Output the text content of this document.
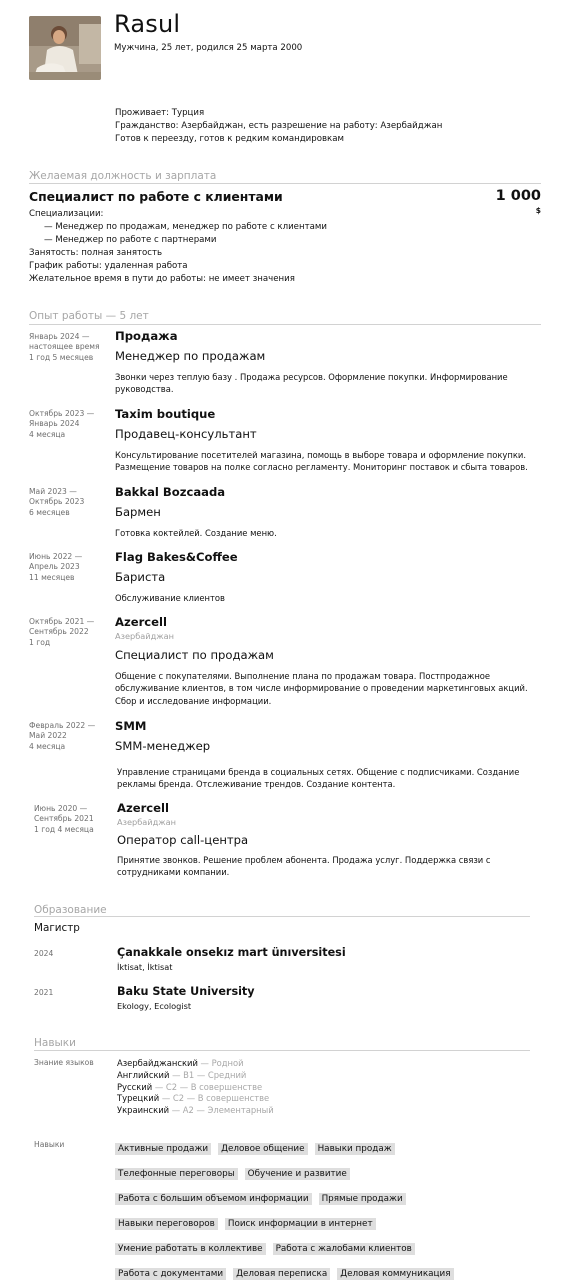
Rasul
Мужчина, 25 лет, родился 25 марта 2000
Проживает: Турция
Гражданство: Азербайджан, есть разрешение на работу: Азербайджан
Готов к переезду, готов к редким командировкам
Желаемая должность и зарплата
Специалист по работе с клиентами	1 000
$
Специализации:
— Менеджер по продажам, менеджер по работе с клиентами
— Менеджер по работе с партнерами
Занятость: полная занятость
График работы: удаленная работа
Желательное время в пути до работы: не имеет значения
Опыт работы — 5 лет
Январь 2024 —
настоящее время
1 год 5 месяцев
Продажа
Менеджер по продажам
Звонки через теплую базу . Продажа ресурсов. Оформление покупки. Информирование руководства.
Октябрь 2023 —
Январь 2024
4 месяца
Taxim boutique
Продавец-консультант
Консультирование посетителей магазина, помощь в выборе товара и оформление покупки. Размещение товаров на полке согласно регламенту. Мониторинг поставок и сбыта товаров.
Май 2023 —
Октябрь 2023
6 месяцев
Bakkal Bozcaada
Бармен
Готовка коктейлей. Создание меню.
Июнь 2022 —
Апрель 2023
11 месяцев
Flag Bakes&Coffee
Бариста
Обслуживание клиентов
Октябрь 2021 —
Сентябрь 2022
1 год
Azercell
Азербайджан
Специалист по продажам
Общение с покупателями. Выполнение плана по продажам товара. Постпродажное обслуживание клиентов, в том числе информирование о проведении маркетинговых акций. Сбор и исследование информации.
Февраль 2022 —
Май 2022
4 месяца
SMM
SMM-менеджер
Управление страницами бренда в социальных сетях. Общение с подписчиками. Создание рекламы бренда. Отслеживание трендов. Создание контента.
Июнь 2020 —
Сентябрь 2021
1 год 4 месяца
Azercell
Азербайджан
Оператор call-центра
Принятие звонков. Решение проблем абонента. Продажа услуг. Поддержка связи с сотрудниками компании.
Образование
Магистр
2024	Çanakkale onsekız mart ünıversitesi
İktisat, İktisat
2021	Baku State University
Ekology, Ecologist
Навыки
Знание языков	Азербайджанский — Родной
Английский — B1 — Средний
Русский — C2 — В совершенстве
Турецкий — C2 — В совершенстве
Украинский — A2 — Элементарный
Навыки	Активные продажи Деловое общение Навыки продаж
Телефонные переговоры Обучение и развитие
Работа с большим объемом информации Прямые продажи
Навыки переговоров Поиск информации в интернет
Умение работать в коллективе Работа с жалобами клиентов
Работа с документами Деловая переписка Деловая коммуникация
